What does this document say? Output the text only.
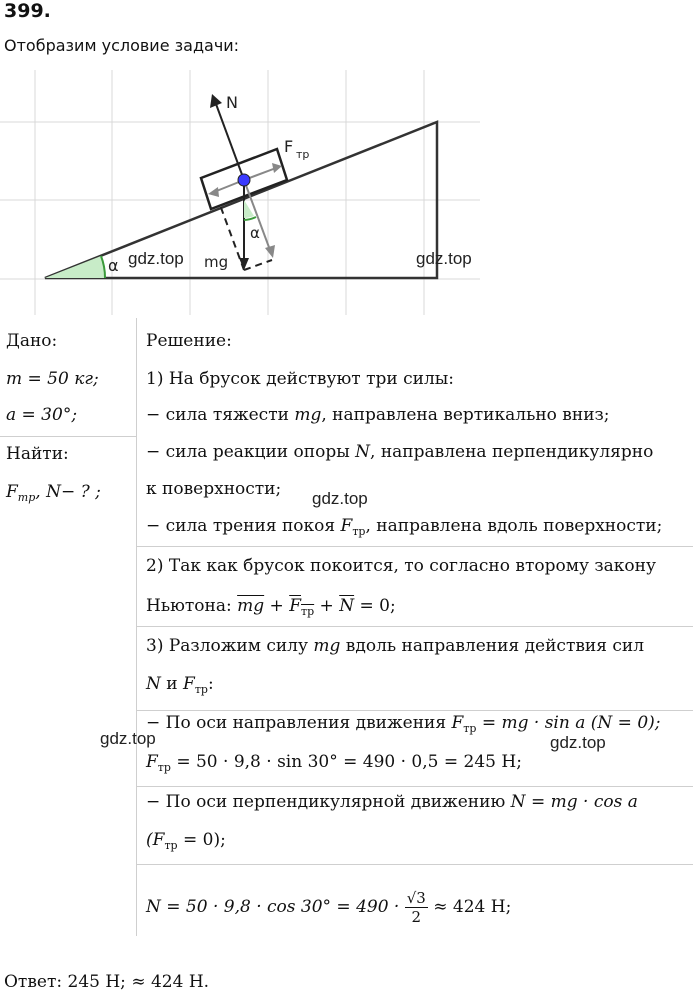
399.
Отобразим условие задачи:
α
N
F тр
mg
α
gdz.top	gdz.top
Дано:
m = 50 кг;
a = 30°;
Найти:
$F_{тр}$, N− ? ;
Решение:
1) На брусок действуют три силы:
− сила тяжести mg, направлена вертикально вниз;
− сила реакции опоры N, направлена перпендикулярно
к поверхности; gdz.top
− сила трения покоя $F_{тр}$, направлена вдоль поверхности;
2) Так как брусок покоится, то согласно второму закону
Ньютона: $\overline{mg} + \overline{F}_{тр} + \overline{N} = 0$;
3) Разложим силу mg вдоль направления действия сил
N и $F_{тр}$:
− По оси направления движения $F_{тр}$ = mg · sin a (N = 0);
gdz.top	gdz.top
$F_{тр} = 50 \cdot 9,8 \cdot \sin 30^\circ = 490 \cdot 0,5 = 245$ Н;
− По оси перпендикулярной движению N = mg · cos a
$(F_{тр} = 0)$;
$N = 50 \cdot 9,8 \cdot \cos 30^\circ = 490 \cdot \frac{√3}{2} \approx 424$ Н;
Ответ: 245 Н; ≈ 424 Н.
